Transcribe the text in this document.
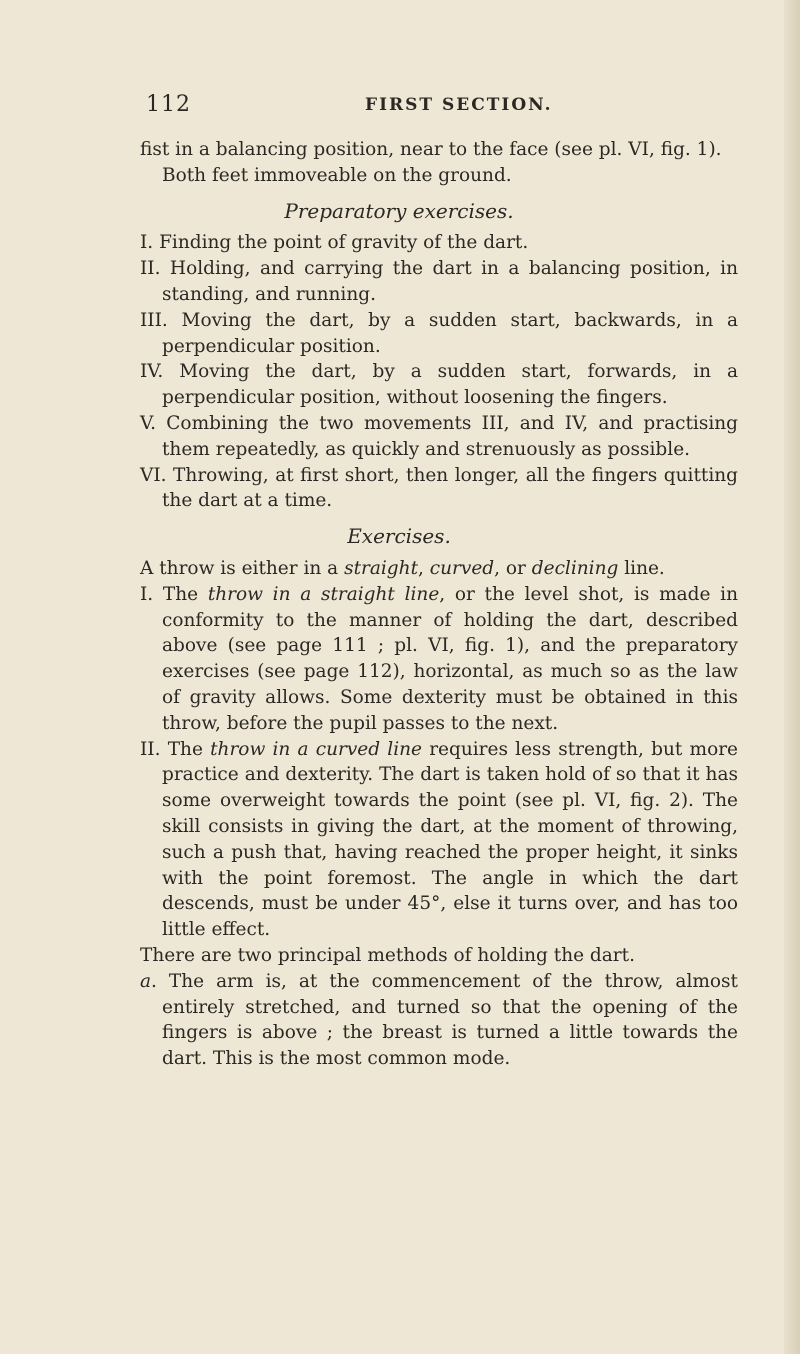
112	FIRST SECTION.

fist in a balancing position, near to the face (see pl. VI, fig. 1).

Both feet immoveable on the ground.

Preparatory exercises.

I. Finding the point of gravity of the dart.

II. Holding, and carrying the dart in a balancing position, in standing, and running.

III. Moving the dart, by a sudden start, backwards, in a perpendicular position.

IV. Moving the dart, by a sudden start, forwards, in a perpendicular position, without loosening the fingers.

V. Combining the two movements III, and IV, and practising them repeatedly, as quickly and strenuously as possible.

VI. Throwing, at first short, then longer, all the fingers quitting the dart at a time.

Exercises.

A throw is either in a straight, curved, or declining line.

I. The throw in a straight line, or the level shot, is made in conformity to the manner of holding the dart, described above (see page 111 ; pl. VI, fig. 1), and the preparatory exercises (see page 112), horizontal, as much so as the law of gravity allows. Some dexterity must be obtained in this throw, before the pupil passes to the next.

II. The throw in a curved line requires less strength, but more practice and dexterity. The dart is taken hold of so that it has some overweight towards the point (see pl. VI, fig. 2). The skill consists in giving the dart, at the moment of throwing, such a push that, having reached the proper height, it sinks with the point foremost. The angle in which the dart descends, must be under 45°, else it turns over, and has too little effect.

There are two principal methods of holding the dart.

a. The arm is, at the commencement of the throw, almost entirely stretched, and turned so that the opening of the fingers is above ; the breast is turned a little towards the dart. This is the most common mode.
